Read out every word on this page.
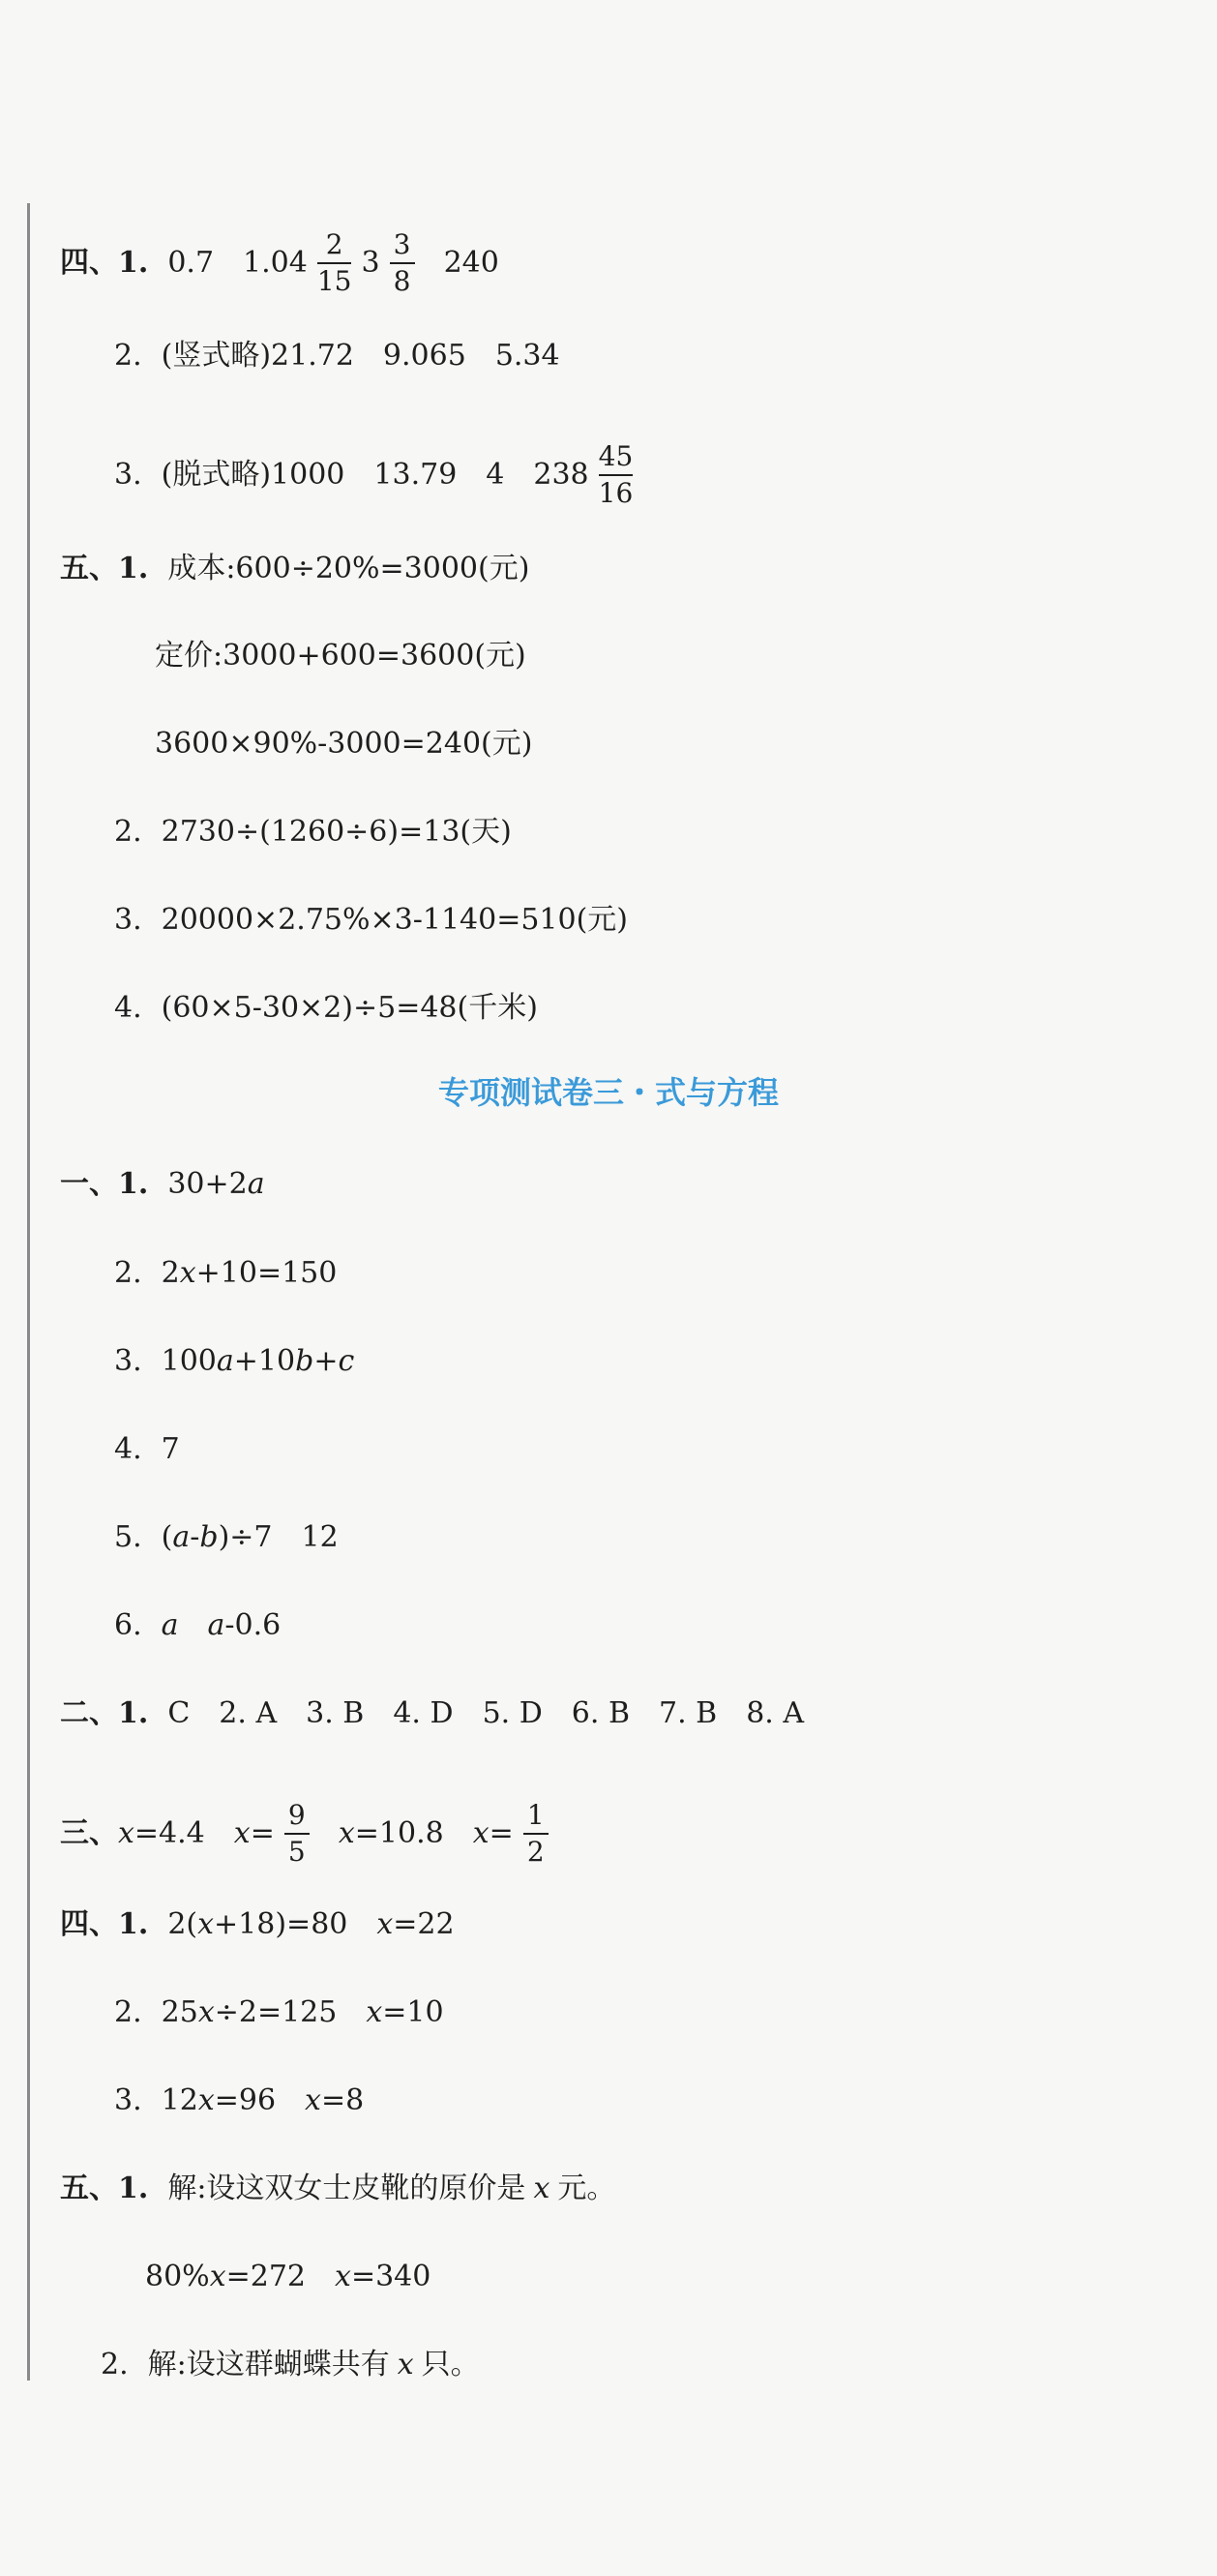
四、1. 0.7 $1.04 \frac{2}{15} 3 \frac{3}{8} 240$
2. (竖式略)21.72 9.065 5.34
3. (脱式略)1000 13.79 4 $238 \frac{45}{16}$
五、1. 成本:600÷20%=3000(元)
定价:3000+600=3600(元)
3600×90%-3000=240(元)
2. 2730÷(1260÷6)=13(天)
3. 20000×2.75%×3-1140=510(元)
4. (60×5-30×2)÷5=48(千米)
专项测试卷三・式与方程
一、1. 30+2 a
2. 2 x +10=150
3. 100 a +10 b + c
4. 7
5. ( a - b )÷7 12
6. a a -0.6
二、1. C 2. A 3. B 4. D 5. D 6. B 7. B 8. A
三、 x =4.4 $x = \frac{9}{5}$ x =10.8 $x = \frac{1}{2}$
四、1. 2( x +18)=80 x =22
2. 25 x ÷2=125 x =10
3. 12 x =96 x =8
五、1. 解:设这双女士皮靴的原价是 x 元。
80% x =272 x =340
2. 解:设这群蝴蝶共有 x 只。
